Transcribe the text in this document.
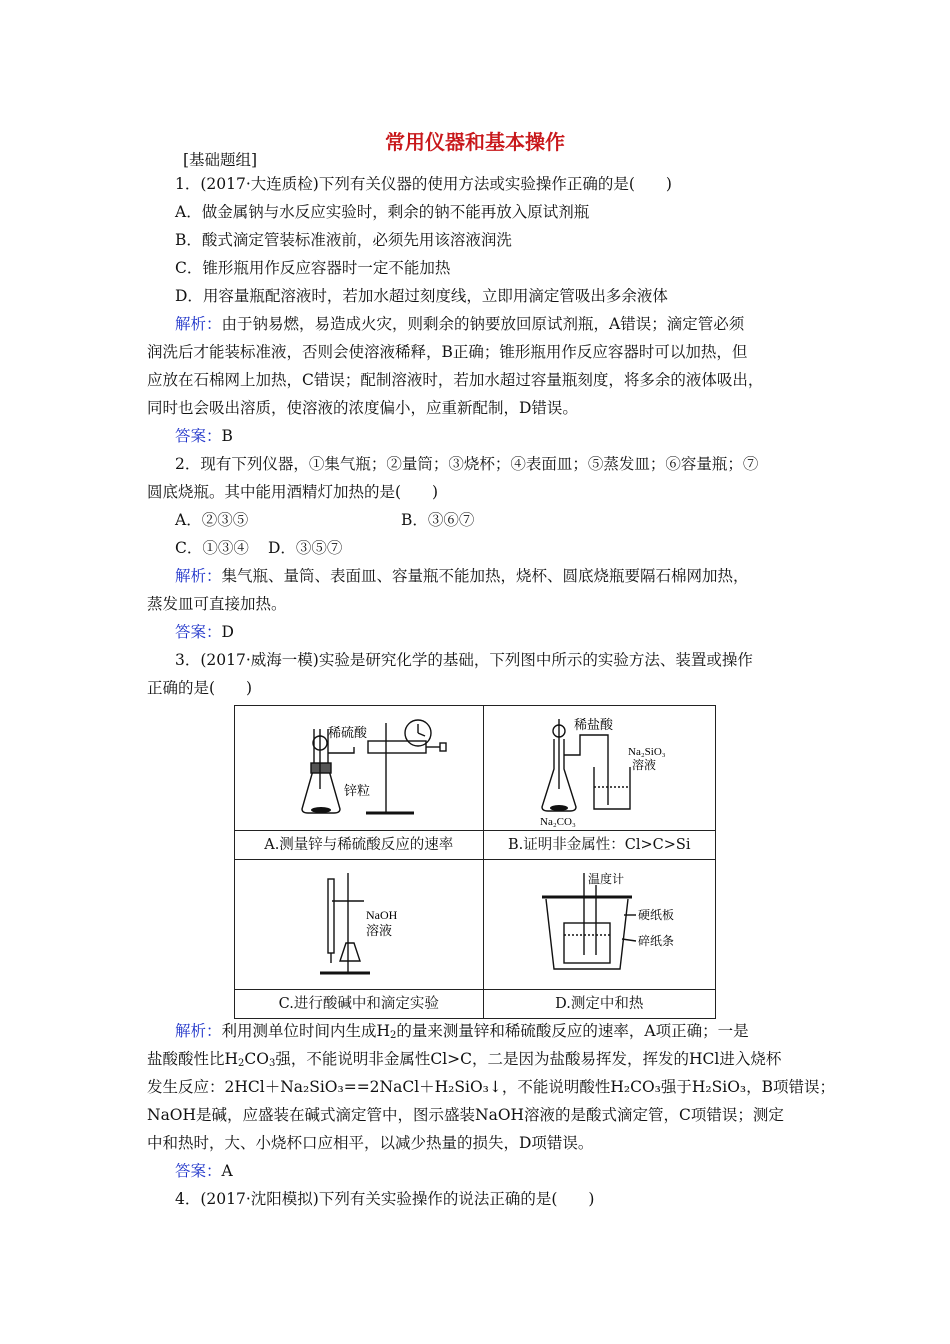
常用仪器和基本操作
[基础题组]
1．(2017·大连质检)下列有关仪器的使用方法或实验操作正确的是(　　)
A．做金属钠与水反应实验时，剩余的钠不能再放入原试剂瓶
B．酸式滴定管装标准液前，必须先用该溶液润洗
C．锥形瓶用作反应容器时一定不能加热
D．用容量瓶配溶液时，若加水超过刻度线，立即用滴定管吸出多余液体
解析：由于钠易燃，易造成火灾，则剩余的钠要放回原试剂瓶，A错误；滴定管必须
润洗后才能装标准液，否则会使溶液稀释，B正确；锥形瓶用作反应容器时可以加热，但
应放在石棉网上加热，C错误；配制溶液时，若加水超过容量瓶刻度，将多余的液体吸出，
同时也会吸出溶质，使溶液的浓度偏小，应重新配制，D错误。
答案：B
2．现有下列仪器，①集气瓶；②量筒；③烧杯；④表面皿；⑤蒸发皿；⑥容量瓶；⑦
圆底烧瓶。其中能用酒精灯加热的是(　　)
A．②③⑤	B．③⑥⑦
C．①③④ D．③⑤⑦
解析：集气瓶、量筒、表面皿、容量瓶不能加热，烧杯、圆底烧瓶要隔石棉网加热，
蒸发皿可直接加热。
答案：D
3．(2017·威海一模)实验是研究化学的基础，下列图中所示的实验方法、装置或操作
正确的是(　　)
稀硫酸
锌粒	稀盐酸
Na₂SiO₃
溶液
Na₂CO₃

A.测量锌与稀硫酸反应的速率	B.证明非金属性：Cl>C>Si

NaOH
溶液	温度计
硬纸板
碎纸条

C.进行酸碱中和滴定实验	D.测定中和热
解析：利用测单位时间内生成$H_2$的量来测量锌和稀硫酸反应的速率，A项正确；一是
盐酸酸性比$H_2CO_3$强，不能说明非金属性Cl>C，二是因为盐酸易挥发，挥发的HCl进入烧杯
发生反应：2HCl＋Na₂SiO₃==2NaCl＋H₂SiO₃↓，不能说明酸性H₂CO₃强于H₂SiO₃，B项错误；
NaOH是碱，应盛装在碱式滴定管中，图示盛装NaOH溶液的是酸式滴定管，C项错误；测定
中和热时，大、小烧杯口应相平，以减少热量的损失，D项错误。
答案：A
4．(2017·沈阳模拟)下列有关实验操作的说法正确的是(　　)
